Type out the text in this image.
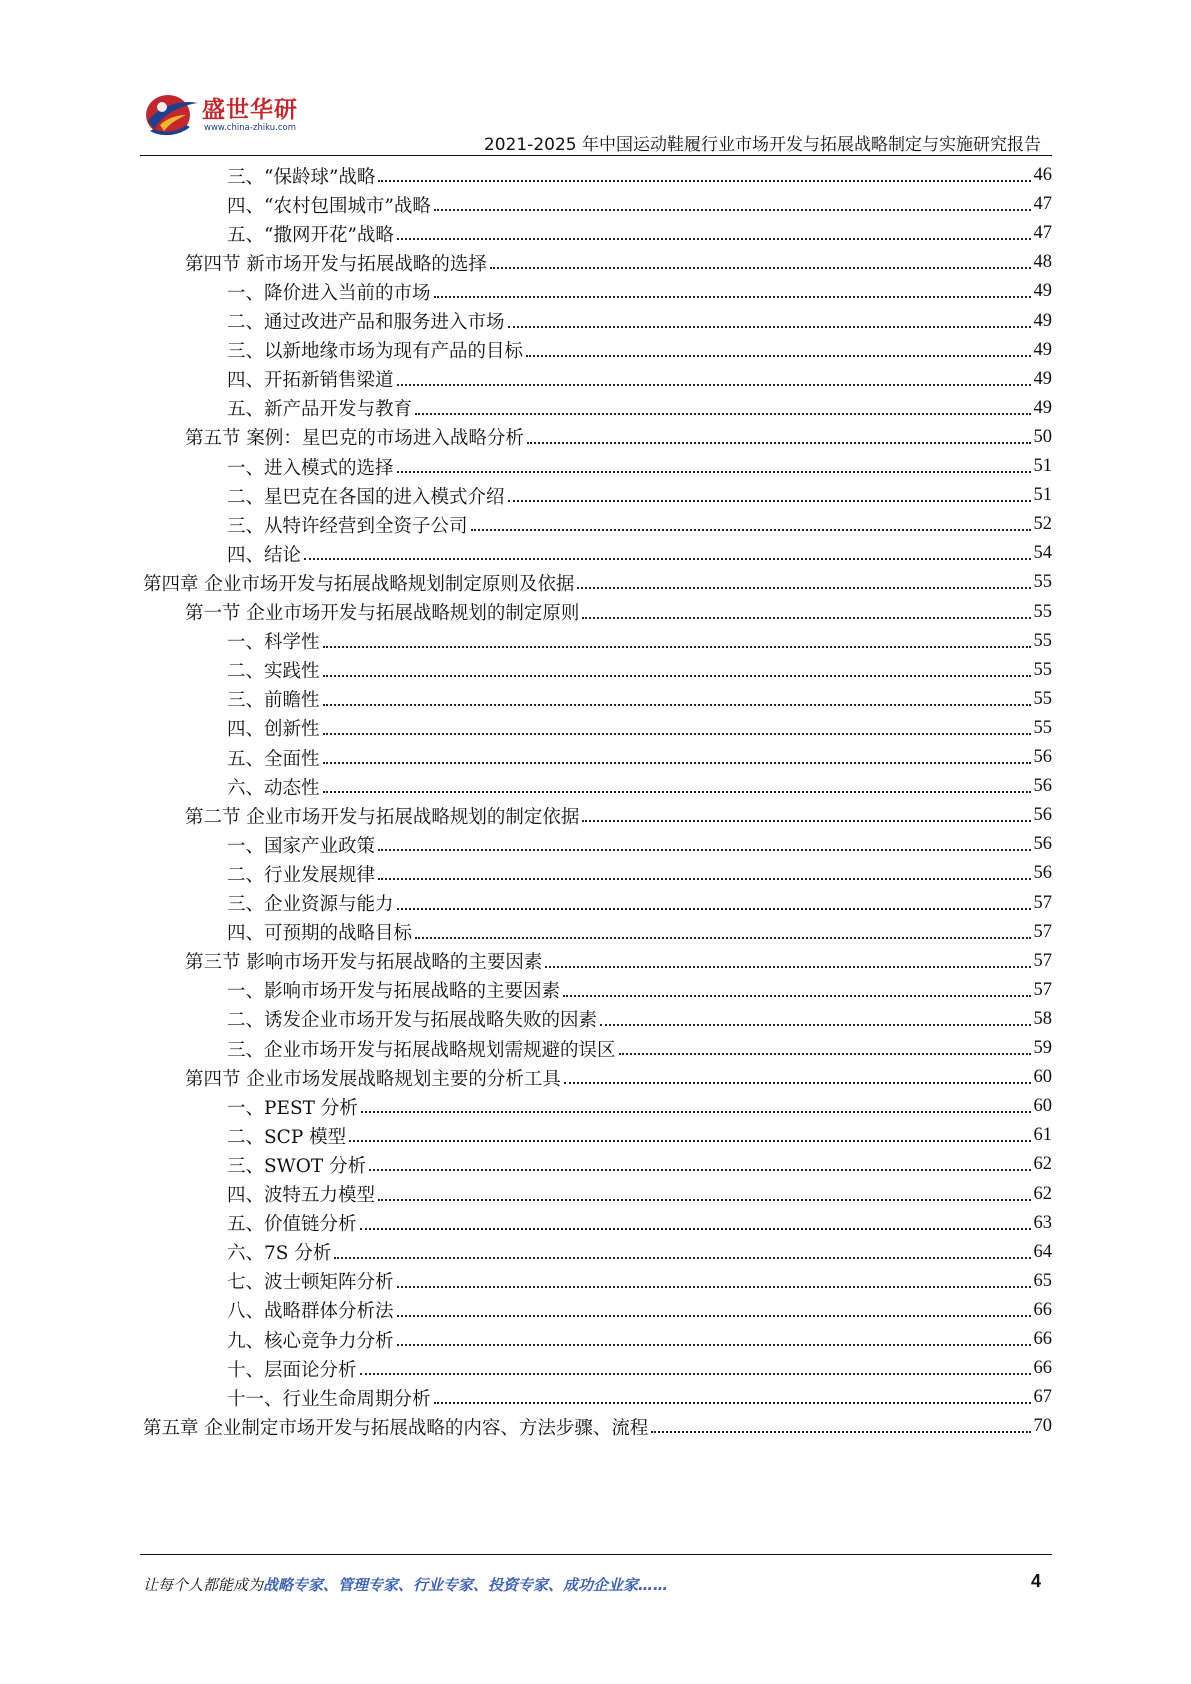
盛世华研
www.china-zhiku.com
2021-2025 年中国运动鞋履行业市场开发与拓展战略制定与实施研究报告
三、“保龄球”战略	46
四、“农村包围城市”战略	47
五、“撒网开花”战略	47
第四节 新市场开发与拓展战略的选择	48
一、降价进入当前的市场	49
二、通过改进产品和服务进入市场	49
三、以新地缘市场为现有产品的目标	49
四、开拓新销售梁道	49
五、新产品开发与教育	49
第五节 案例：星巴克的市场进入战略分析	50
一、进入模式的选择	51
二、星巴克在各国的进入模式介绍	51
三、从特许经营到全资子公司	52
四、结论	54
第四章 企业市场开发与拓展战略规划制定原则及依据	55
第一节 企业市场开发与拓展战略规划的制定原则	55
一、科学性	55
二、实践性	55
三、前瞻性	55
四、创新性	55
五、全面性	56
六、动态性	56
第二节 企业市场开发与拓展战略规划的制定依据	56
一、国家产业政策	56
二、行业发展规律	56
三、企业资源与能力	57
四、可预期的战略目标	57
第三节 影响市场开发与拓展战略的主要因素	57
一、影响市场开发与拓展战略的主要因素	57
二、诱发企业市场开发与拓展战略失败的因素	58
三、企业市场开发与拓展战略规划需规避的误区	59
第四节 企业市场发展战略规划主要的分析工具	60
一、PEST 分析	60
二、SCP 模型	61
三、SWOT 分析	62
四、波特五力模型	62
五、价值链分析	63
六、7S 分析	64
七、波士顿矩阵分析	65
八、战略群体分析法	66
九、核心竞争力分析	66
十、层面论分析	66
十一、行业生命周期分析	67
第五章 企业制定市场开发与拓展战略的内容、方法步骤、流程	70
让每个人都能成为战略专家、管理专家、行业专家、投资专家、成功企业家……	4
